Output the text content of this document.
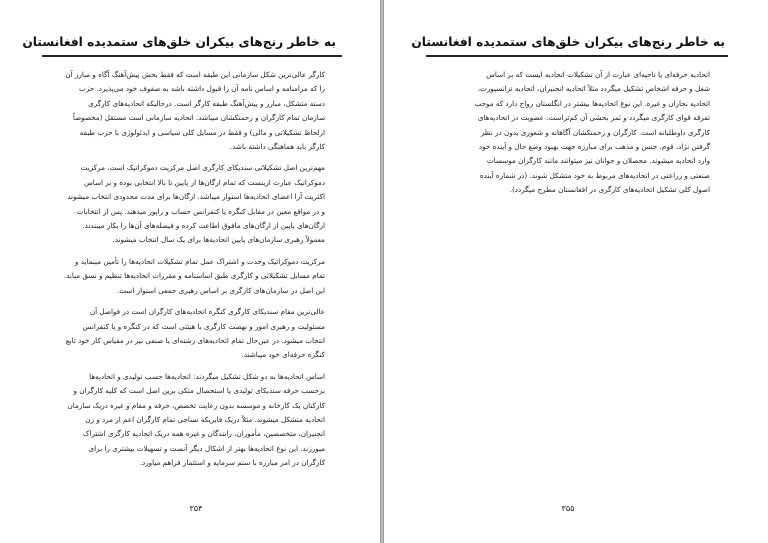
به خاطر رنج‌های بیکران خلق‌های ستمدیده افغانستان

کارگر عالی‌ترین شکل سازمانی این طبقه است که فقط بخش پیش‌آهنگ آگاه و مبارز آن را که مرامنامه و اساس نامه آن را قبول داشته باشد به صفوف خود می‌پذیرد. حزب دسته متشکل، مبارز و پیش‌آهنگ طبقه کارگر است. درحالیکه اتحادیه‌های کارگری سازمان تمام کارگران و زحمتکشان میباشد. اتحادیه سازمانی است مستقل (مخصوصاً ازلحاظ تشکیلاتی و مالی) و فقط در مسایل کلی سیاسی و ایدئولوژی با حزب طبقه کارگر باید هماهنگی داشته باشد.

مهم‌ترین اصل تشکیلاتی سندیکای کارگری اصل مرکزیت دموکراتیک است. مرکزیت دموکراتیک عبارت ازینست که تمام ارگان‌ها از پایین تا بالا انتخابی بوده و بر اساس اکثریت آرا اعضای اتحادیه‌ها استوار میباشد. ارگان‌ها برای مدت محدودی انتخاب میشوند و در مواقع معین در مقابل کنگره یا کنفرانس حساب و راپور میدهند. پس از انتخابات ارگان‌های پایین از ارگان‌های مافوق اطاعت کرده و فیصله‌های آن‌ها را بکار میبندند. معمولاً رهبری سازمان‌های پایین اتحادیه‌ها برای یک سال انتخاب میشوند.

مرکزیت دموکراتیک وحدت و اشتراک عمل تمام تشکیلات اتحادیه‌ها را تأمین مینماید و تمام مسایل تشکیلاتی و کارگری طبق اساسنامه و مقررات اتحادیه‌ها تنظیم و نسق میابد. این اصل در سازمان‌های کارگری بر اساس رهبری جمعی استوار است.

عالی‌ترین مقام سندیکای کارگری کنگره اتحادیه‌های کارگران است در فواصل آن مسئولیت و رهبری امور و نهضت کارگری با هیئتی است که در کنگره و یا کنفرانس انتخاب میشود. در عین‌حال تمام اتحادیه‌های رشته‌ای یا صنفی نیز در مقیاس کار خود تابع کنگره حرفه‌ای خود میباشند.

اساس اتحادیه‌ها به دو شکل تشکیل میگردند: اتحادیه‌ها حسب تولیدی و اتحادیه‌ها برحسب حرفه سندیکای تولیدی یا استحصال متکی برین اصل است که کلیه کارگران و کارکنان یک کارخانه و موسسه بدون رعایت تخصص، حرفه و مقام و غیره دریک سازمان اتحادیه متشکل میشوند. مثلاً دریک فابریکه نساجی تمام کارگران اعم از مرد و زن انجنیران، متخصصین، مأموران، رانندگان و غیره همه دریک اتحادیه کارگری اشتراک میورزند. این نوع اتحادیه‌ها بهتر از اشکال دیگر آنست و تسهیلات بیشتری را برای کارگران در امر مبارزه با ستم سرمایه و استثمار فراهم میاورد.

۳۵۴
به خاطر رنج‌های بیکران خلق‌های ستمدیده افغانستان

اتحادیه حرفه‌ای یا ناحیه‌ای عبارت از آن تشکیلات اتحادیه ایست که بر اساس شغل و حرفه اشخاص تشکیل میگردد مثلاً اتحادیه انجنیران، اتحادیه ترانسپورت، اتحادیه نجاران و غیره. این نوع اتحادیه‌ها بیشتر در انگلستان رواج دارد که موجب تفرقه قوای کارگری میگردد و ثمر بخشی آن کم‌تراست. عضویت در اتحادیه‌های کارگری داوطلبانه است. کارگران و زحمتکشان آگاهانه و شعوری بدون در نظر گرفتن نژاد، قوم، جنس و مذهب برای مبارزه جهت بهبود وضع حال و آینده خود وارد اتحادیه میشوند. محصلان و جوانان نیز میتوانند مانند کارگران موسسات صنعتی و زراعتی در اتحادیه‌های مربوط به خود متشکل شوند. (در شماره آینده اصول کلی تشکیل اتحادیه‌های کارگری در افغانستان مطرح میگردد).

۳۵۵
